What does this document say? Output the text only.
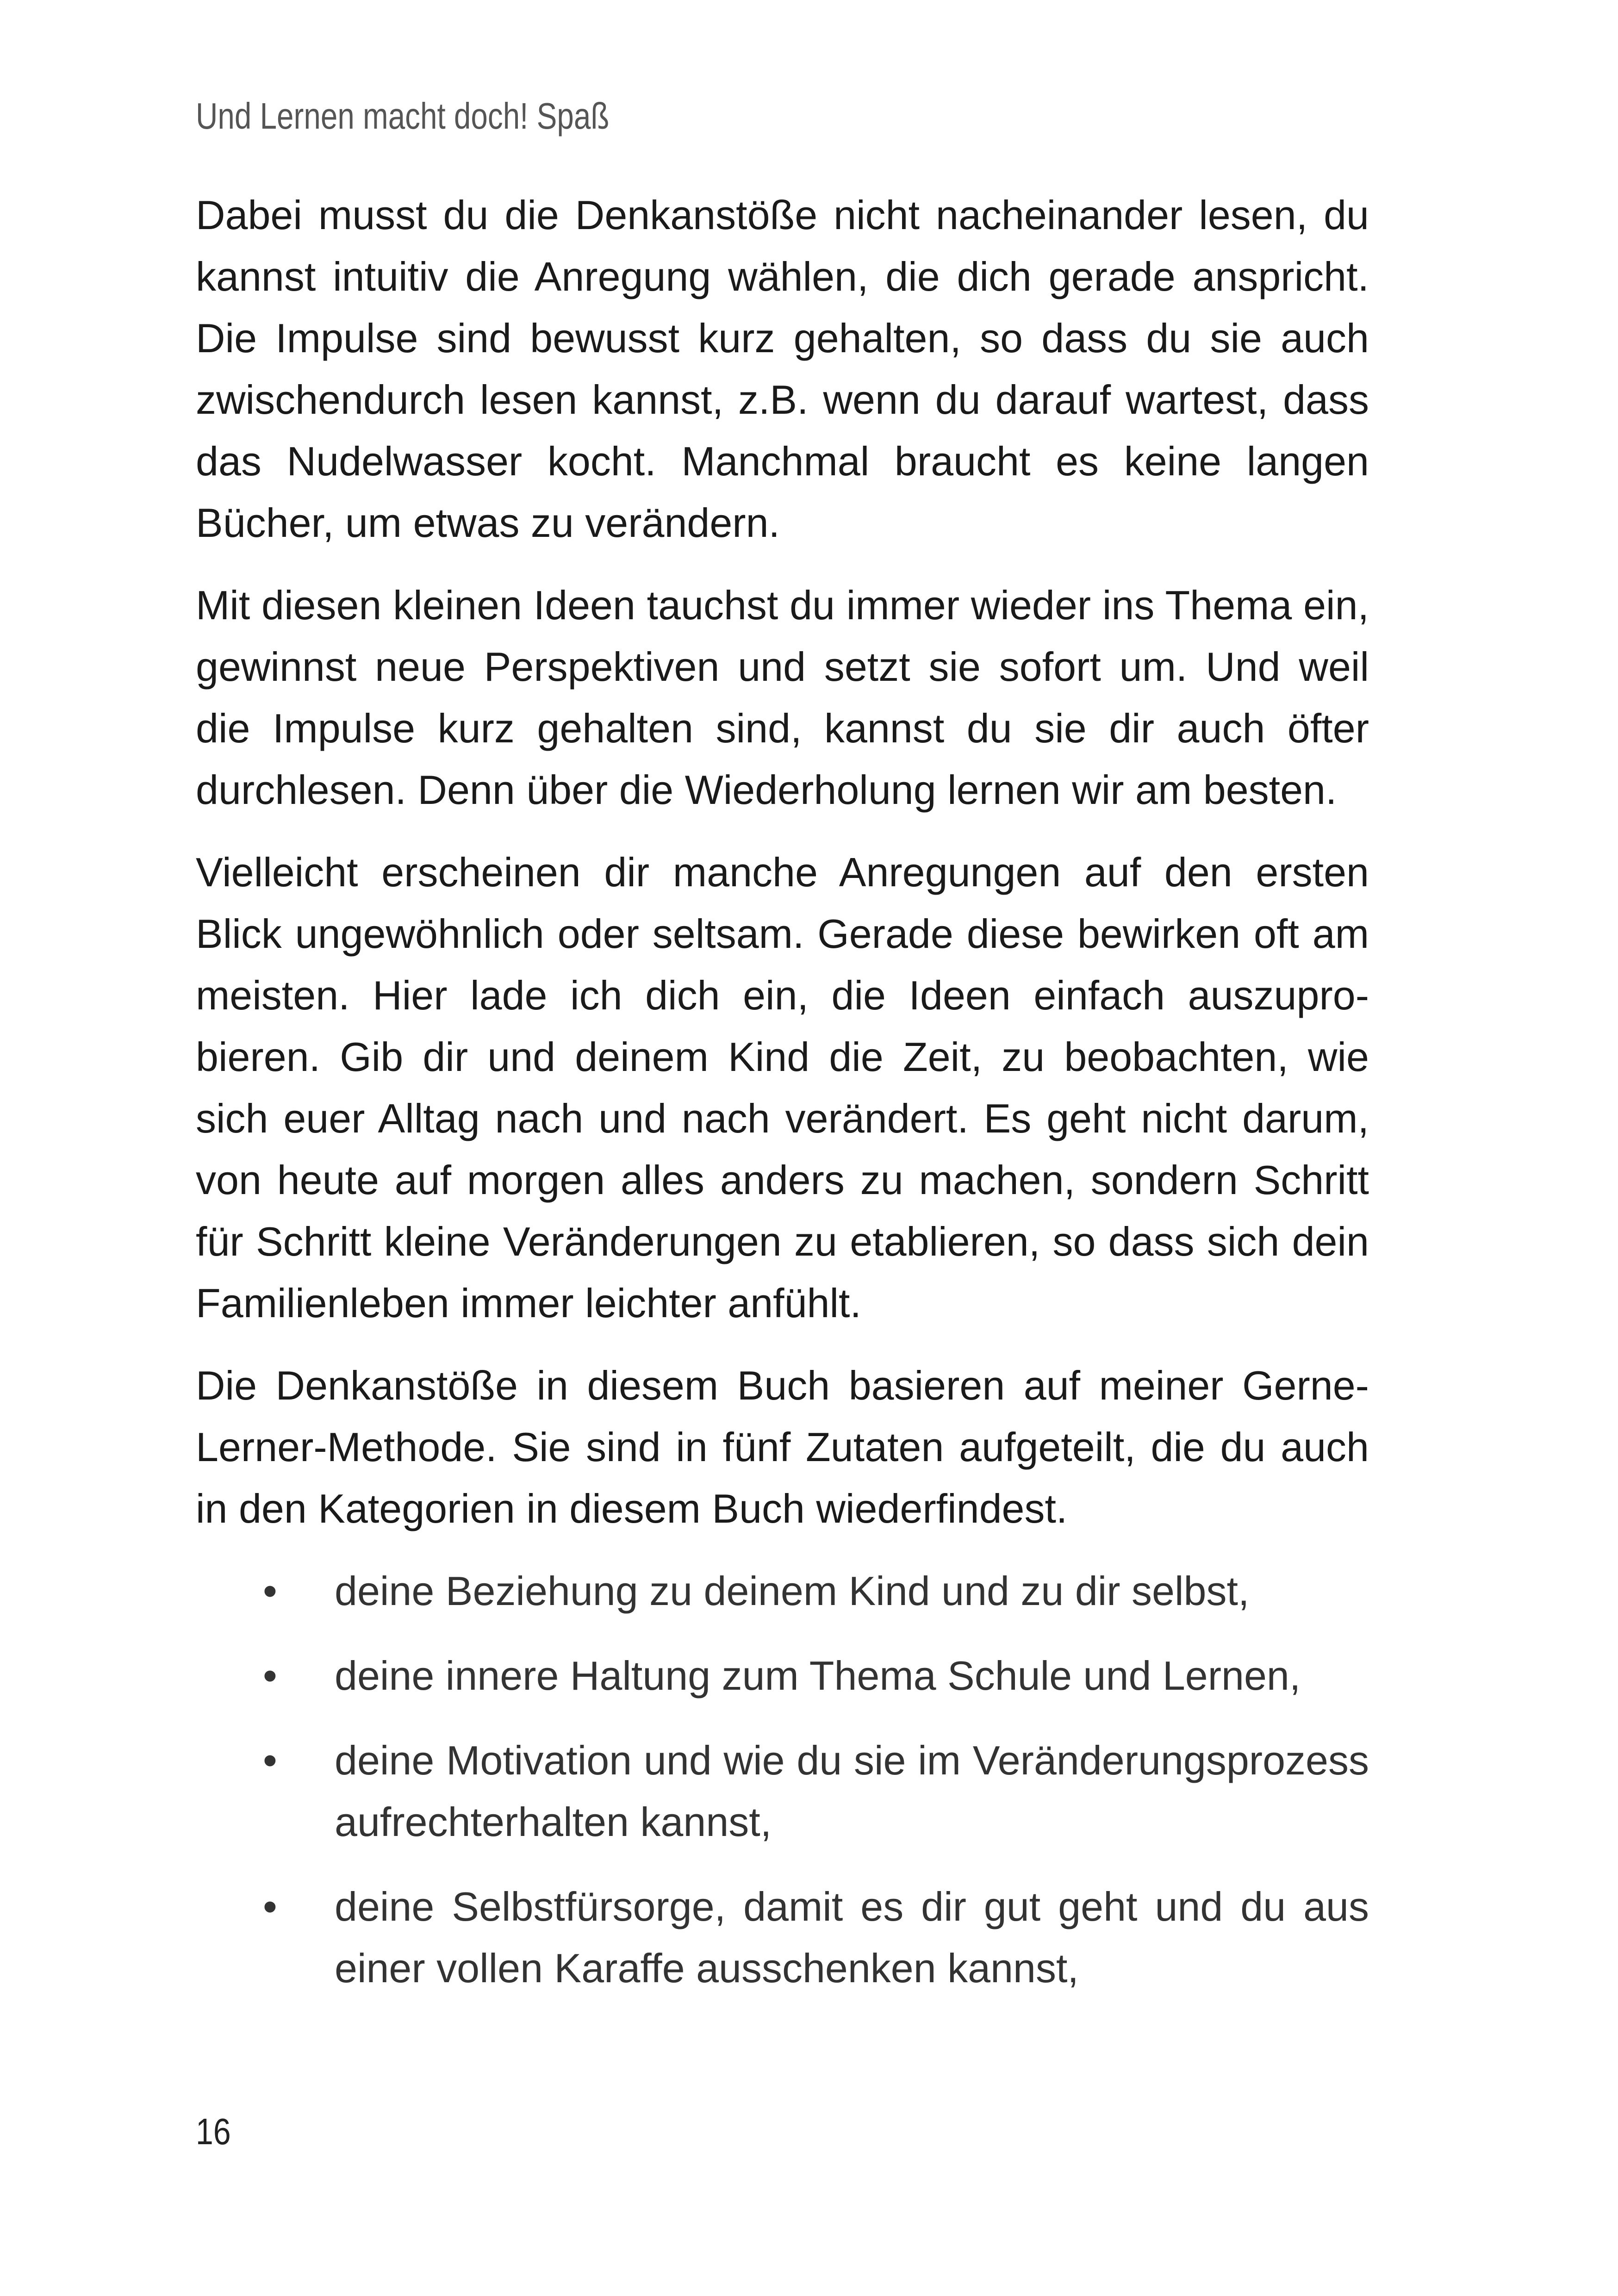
Und Lernen macht doch! Spaß

Dabei musst du die Denkanstöße nicht nacheinander lesen, du kannst intuitiv die Anregung wählen, die dich gerade anspricht. Die Impulse sind bewusst kurz gehalten, so dass du sie auch zwischendurch lesen kannst, z.B. wenn du darauf wartest, dass das Nudelwasser kocht. Manchmal braucht es keine langen Bücher, um etwas zu verändern.

Mit diesen kleinen Ideen tauchst du immer wieder ins Thema ein, gewinnst neue Perspektiven und setzt sie sofort um. Und weil die Impulse kurz gehalten sind, kannst du sie dir auch öfter durchlesen. Denn über die Wiederholung lernen wir am besten.

Vielleicht erscheinen dir manche Anregungen auf den ersten Blick ungewöhnlich oder seltsam. Gerade diese bewirken oft am meisten. Hier lade ich dich ein, die Ideen einfach auszuprobieren. Gib dir und deinem Kind die Zeit, zu beobachten, wie sich euer Alltag nach und nach verändert. Es geht nicht darum, von heute auf morgen alles anders zu machen, sondern Schritt für Schritt kleine Veränderungen zu etablieren, so dass sich dein Familienleben immer leichter anfühlt.

Die Denkanstöße in diesem Buch basieren auf meiner Gerne-Lerner-Methode. Sie sind in fünf Zutaten aufgeteilt, die du auch in den Kategorien in diesem Buch wiederfindest.

• deine Beziehung zu deinem Kind und zu dir selbst,
• deine innere Haltung zum Thema Schule und Lernen,
• deine Motivation und wie du sie im Veränderungsprozess aufrechterhalten kannst,
• deine Selbstfürsorge, damit es dir gut geht und du aus einer vollen Karaffe ausschenken kannst,
16
